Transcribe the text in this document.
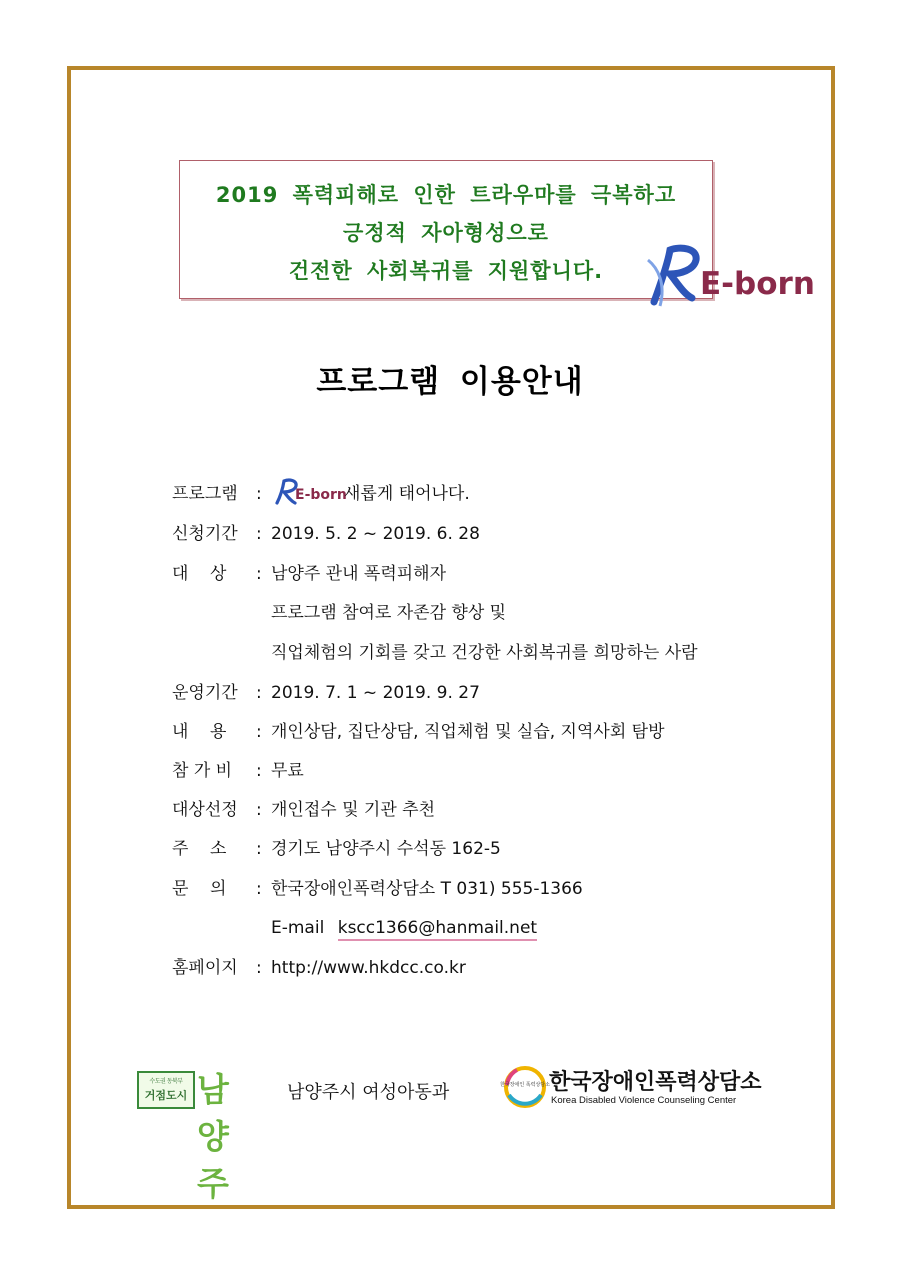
2019 폭력피해로 인한 트라우마를 극복하고
긍정적 자아형성으로
건전한 사회복귀를 지원합니다.	E-born
프로그램 이용안내
프로그램 : E-born
새롭게 태어나다.
신청기간 : 2019. 5. 2 ~ 2019. 6. 28
대    상 : 남양주 관내 폭력피해자
프로그램 참여로 자존감 향상 및
직업체험의 기회를 갖고 건강한 사회복귀를 희망하는 사람
운영기간 : 2019. 7. 1 ~ 2019. 9. 27
내    용 : 개인상담, 집단상담, 직업체험 및 실습, 지역사회 탐방
참 가 비 : 무료
대상선정 : 개인접수 및 기관 추천
주    소 : 경기도 남양주시 수석동 162-5
문    의 : 한국장애인폭력상담소 T 031) 555-1366
E-mail kscc1366@hanmail.net
홈페이지 : http://www.hkdcc.co.kr
수도권 동북부
거점도시 남양주
남양주시 여성아동과	한국장애인 폭력상담소 한국장애인폭력상담소
Korea Disabled Violence Counseling Center
